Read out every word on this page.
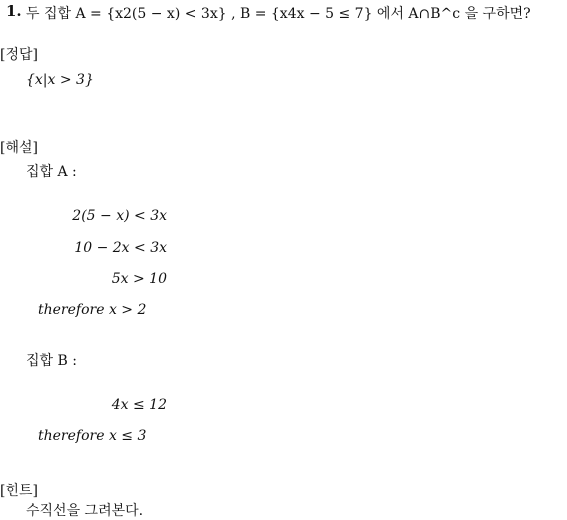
1. 두 집합 A = {x2(5 − x) < 3x} , B = {x4x − 5 ≤ 7} 에서 A∩B^c 을 구하면?
[정답]
{x|x > 3}
[해설]
집합 A :
2(5 − x) < 3x
10 − 2x < 3x
5x > 10
therefore x > 2
집합 B :
4x ≤ 12
therefore x ≤ 3
[힌트]
수직선을 그려본다.
